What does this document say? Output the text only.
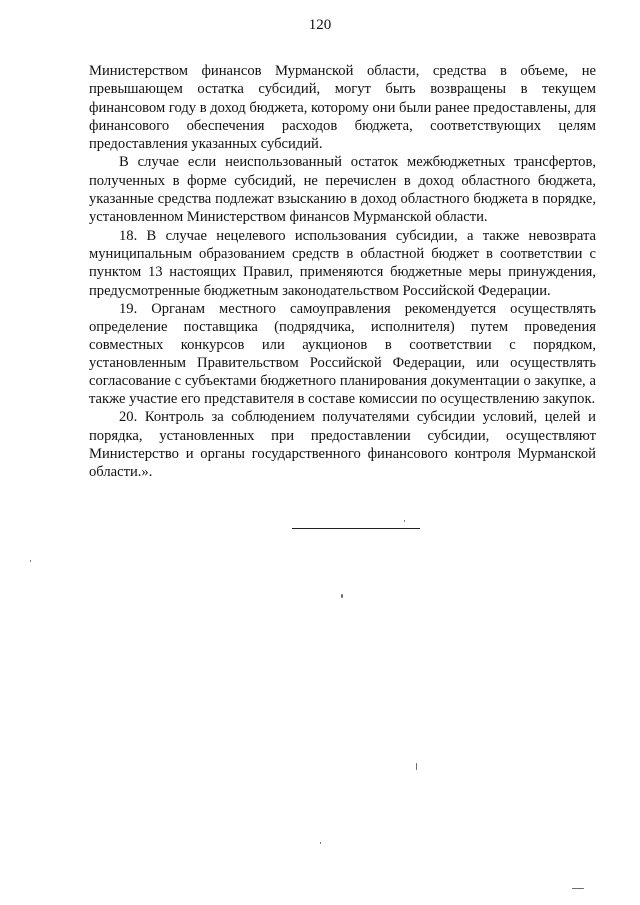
120

Министерством финансов Мурманской области, средства в объеме, не превышающем остатка субсидий, могут быть возвращены в текущем финансовом году в доход бюджета, которому они были ранее предоставлены, для финансового обеспечения расходов бюджета, соответствующих целям предоставления указанных субсидий.

В случае если неиспользованный остаток межбюджетных трансфертов, полученных в форме субсидий, не перечислен в доход областного бюджета, указанные средства подлежат взысканию в доход областного бюджета в порядке, установленном Министерством финансов Мурманской области.

18. В случае нецелевого использования субсидии, а также невозврата муниципальным образованием средств в областной бюджет в соответствии с пунктом 13 настоящих Правил, применяются бюджетные меры принуждения, предусмотренные бюджетным законодательством Российской Федерации.

19. Органам местного самоуправления рекомендуется осуществлять определение поставщика (подрядчика, исполнителя) путем проведения совместных конкурсов или аукционов в соответствии с порядком, установленным Правительством Российской Федерации, или осуществлять согласование с субъектами бюджетного планирования документации о закупке, а также участие его представителя в составе комиссии по осуществлению закупок.

20. Контроль за соблюдением получателями субсидии условий, целей и порядка, установленных при предоставлении субсидии, осуществляют Министерство и органы государственного финансового контроля Мурманской области.».
